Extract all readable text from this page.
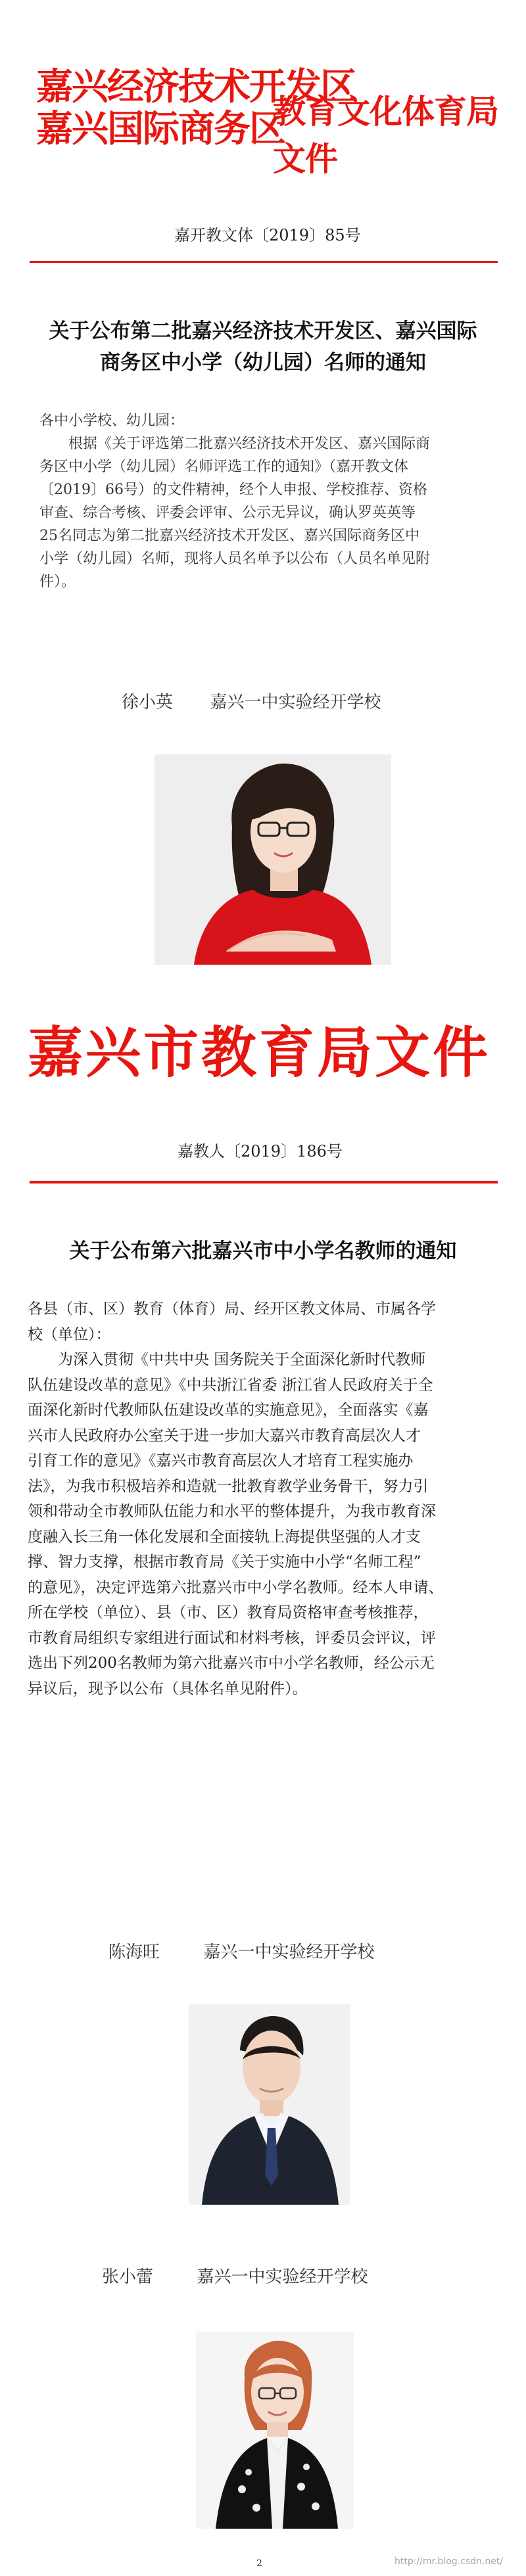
嘉兴经济技术开发区
嘉兴国际商务区
教育文化体育局文件
嘉开教文体〔2019〕85号
关于公布第二批嘉兴经济技术开发区、嘉兴国际
商务区中小学（幼儿园）名师的通知
各中小学校、幼儿园：
根据《关于评选第二批嘉兴经济技术开发区、嘉兴国际商
务区中小学（幼儿园）名师评选工作的通知》（嘉开教文体
〔2019〕66号）的文件精神，经个人申报、学校推荐、资格
审查、综合考核、评委会评审、公示无异议，确认罗英英等
25名同志为第二批嘉兴经济技术开发区、嘉兴国际商务区中
小学（幼儿园）名师，现将人员名单予以公布（人员名单见附
件）。
徐小英 嘉兴一中实验经开学校
嘉兴市教育局文件
嘉教人〔2019〕186号
关于公布第六批嘉兴市中小学名教师的通知
各县（市、区）教育（体育）局、经开区教文体局、市属各学
校（单位）：
为深入贯彻《中共中央 国务院关于全面深化新时代教师
队伍建设改革的意见》《中共浙江省委 浙江省人民政府关于全
面深化新时代教师队伍建设改革的实施意见》，全面落实《嘉
兴市人民政府办公室关于进一步加大嘉兴市教育高层次人才
引育工作的意见》《嘉兴市教育高层次人才培育工程实施办
法》，为我市积极培养和造就一批教育教学业务骨干，努力引
领和带动全市教师队伍能力和水平的整体提升，为我市教育深
度融入长三角一体化发展和全面接轨上海提供坚强的人才支
撑、智力支撑，根据市教育局《关于实施中小学“名师工程”
的意见》，决定评选第六批嘉兴市中小学名教师。经本人申请、
所在学校（单位）、县（市、区）教育局资格审查考核推荐，
市教育局组织专家组进行面试和材料考核，评委员会评议，评
选出下列200名教师为第六批嘉兴市中小学名教师，经公示无
异议后，现予以公布（具体名单见附件）。
陈海旺	嘉兴一中实验经开学校
张小蕾	嘉兴一中实验经开学校
2	http://mr.blog.csdn.net/
